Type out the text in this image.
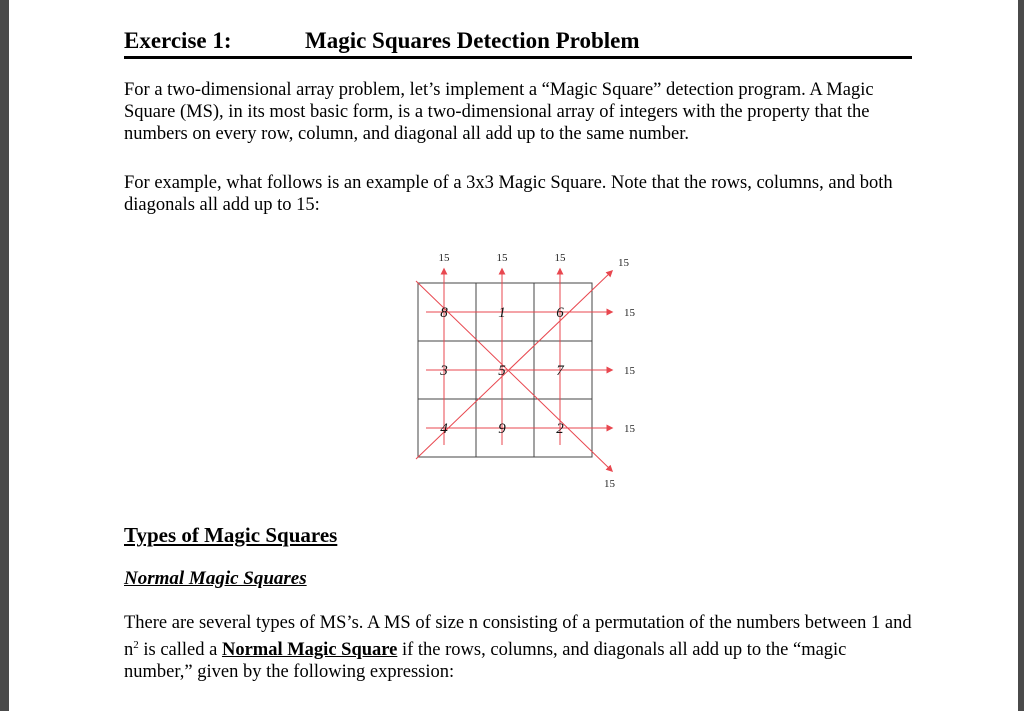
Exercise 1:	Magic Squares Detection Problem

For a two-dimensional array problem, let’s implement a “Magic Square” detection program. A Magic Square (MS), in its most basic form, is a two-dimensional array of integers with the property that the numbers on every row, column, and diagonal all add up to the same number.

For example, what follows is an example of a 3x3 Magic Square. Note that the rows, columns, and both diagonals all add up to 15:

15	15	15
15
15
15
15
15
8	1	6
3	5	7
4	9	2
Types of Magic Squares
Normal Magic Squares

There are several types of MS’s. A MS of size n consisting of a permutation of the numbers between 1 and $n^2$ is called a Normal Magic Square if the rows, columns, and diagonals all add up to the “magic number,” given by the following expression:
